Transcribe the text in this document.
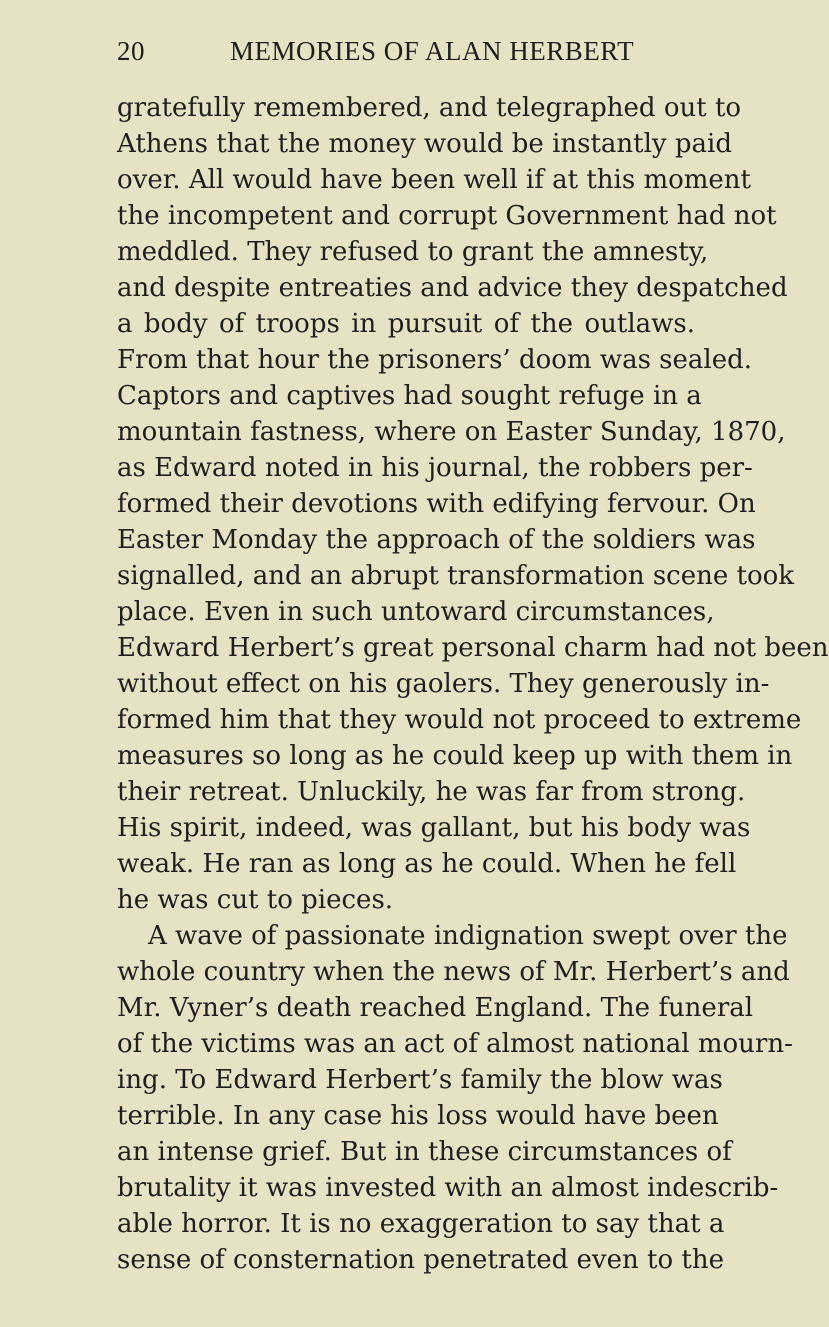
20	MEMORIES OF ALAN HERBERT
gratefully remembered, and telegraphed out to
Athens that the money would be instantly paid
over. All would have been well if at this moment
the incompetent and corrupt Government had not
meddled. They refused to grant the amnesty,
and despite entreaties and advice they despatched
a body of troops in pursuit of the outlaws.
From that hour the prisoners’ doom was sealed.
Captors and captives had sought refuge in a
mountain fastness, where on Easter Sunday, 1870,
as Edward noted in his journal, the robbers per-
formed their devotions with edifying fervour. On
Easter Monday the approach of the soldiers was
signalled, and an abrupt transformation scene took
place. Even in such untoward circumstances,
Edward Herbert’s great personal charm had not been
without effect on his gaolers. They generously in-
formed him that they would not proceed to extreme
measures so long as he could keep up with them in
their retreat. Unluckily, he was far from strong.
His spirit, indeed, was gallant, but his body was
weak. He ran as long as he could. When he fell
he was cut to pieces.
A wave of passionate indignation swept over the
whole country when the news of Mr. Herbert’s and
Mr. Vyner’s death reached England. The funeral
of the victims was an act of almost national mourn-
ing. To Edward Herbert’s family the blow was
terrible. In any case his loss would have been
an intense grief. But in these circumstances of
brutality it was invested with an almost indescrib-
able horror. It is no exaggeration to say that a
sense of consternation penetrated even to the
